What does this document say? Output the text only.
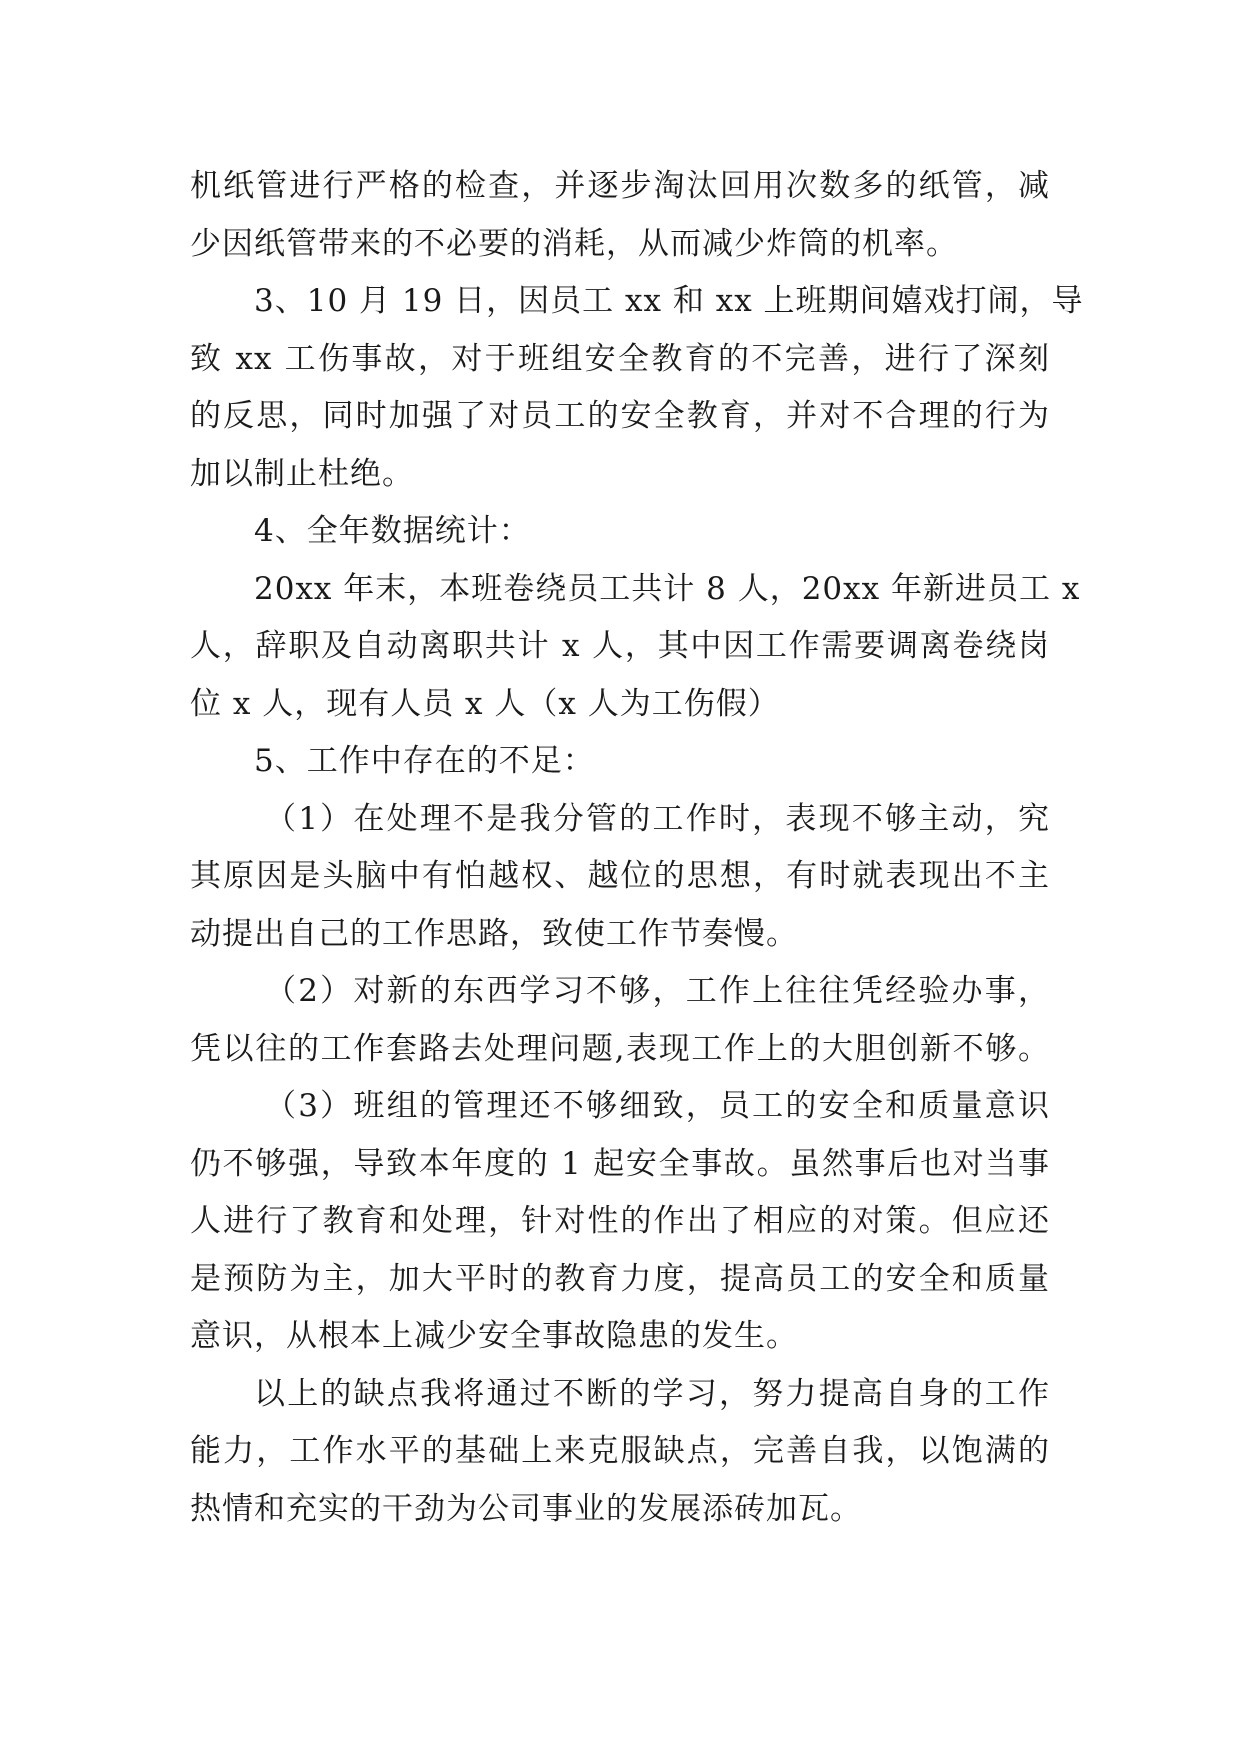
机纸管进行严格的检查，并逐步淘汰回用次数多的纸管，减
少因纸管带来的不必要的消耗，从而减少炸筒的机率。
3、10 月 19 日，因员工 xx 和 xx 上班期间嬉戏打闹，导
致 xx 工伤事故，对于班组安全教育的不完善，进行了深刻
的反思，同时加强了对员工的安全教育，并对不合理的行为
加以制止杜绝。
4、全年数据统计：
20xx 年末，本班卷绕员工共计 8 人，20xx 年新进员工 x
人，辞职及自动离职共计 x 人，其中因工作需要调离卷绕岗
位 x 人，现有人员 x 人（x 人为工伤假）
5、工作中存在的不足：
（1）在处理不是我分管的工作时，表现不够主动，究
其原因是头脑中有怕越权、越位的思想，有时就表现出不主
动提出自己的工作思路，致使工作节奏慢。
（2）对新的东西学习不够，工作上往往凭经验办事，
凭以往的工作套路去处理问题,表现工作上的大胆创新不够。
（3）班组的管理还不够细致，员工的安全和质量意识
仍不够强，导致本年度的 1 起安全事故。虽然事后也对当事
人进行了教育和处理，针对性的作出了相应的对策。但应还
是预防为主，加大平时的教育力度，提高员工的安全和质量
意识，从根本上减少安全事故隐患的发生。
以上的缺点我将通过不断的学习，努力提高自身的工作
能力，工作水平的基础上来克服缺点，完善自我，以饱满的
热情和充实的干劲为公司事业的发展添砖加瓦。
